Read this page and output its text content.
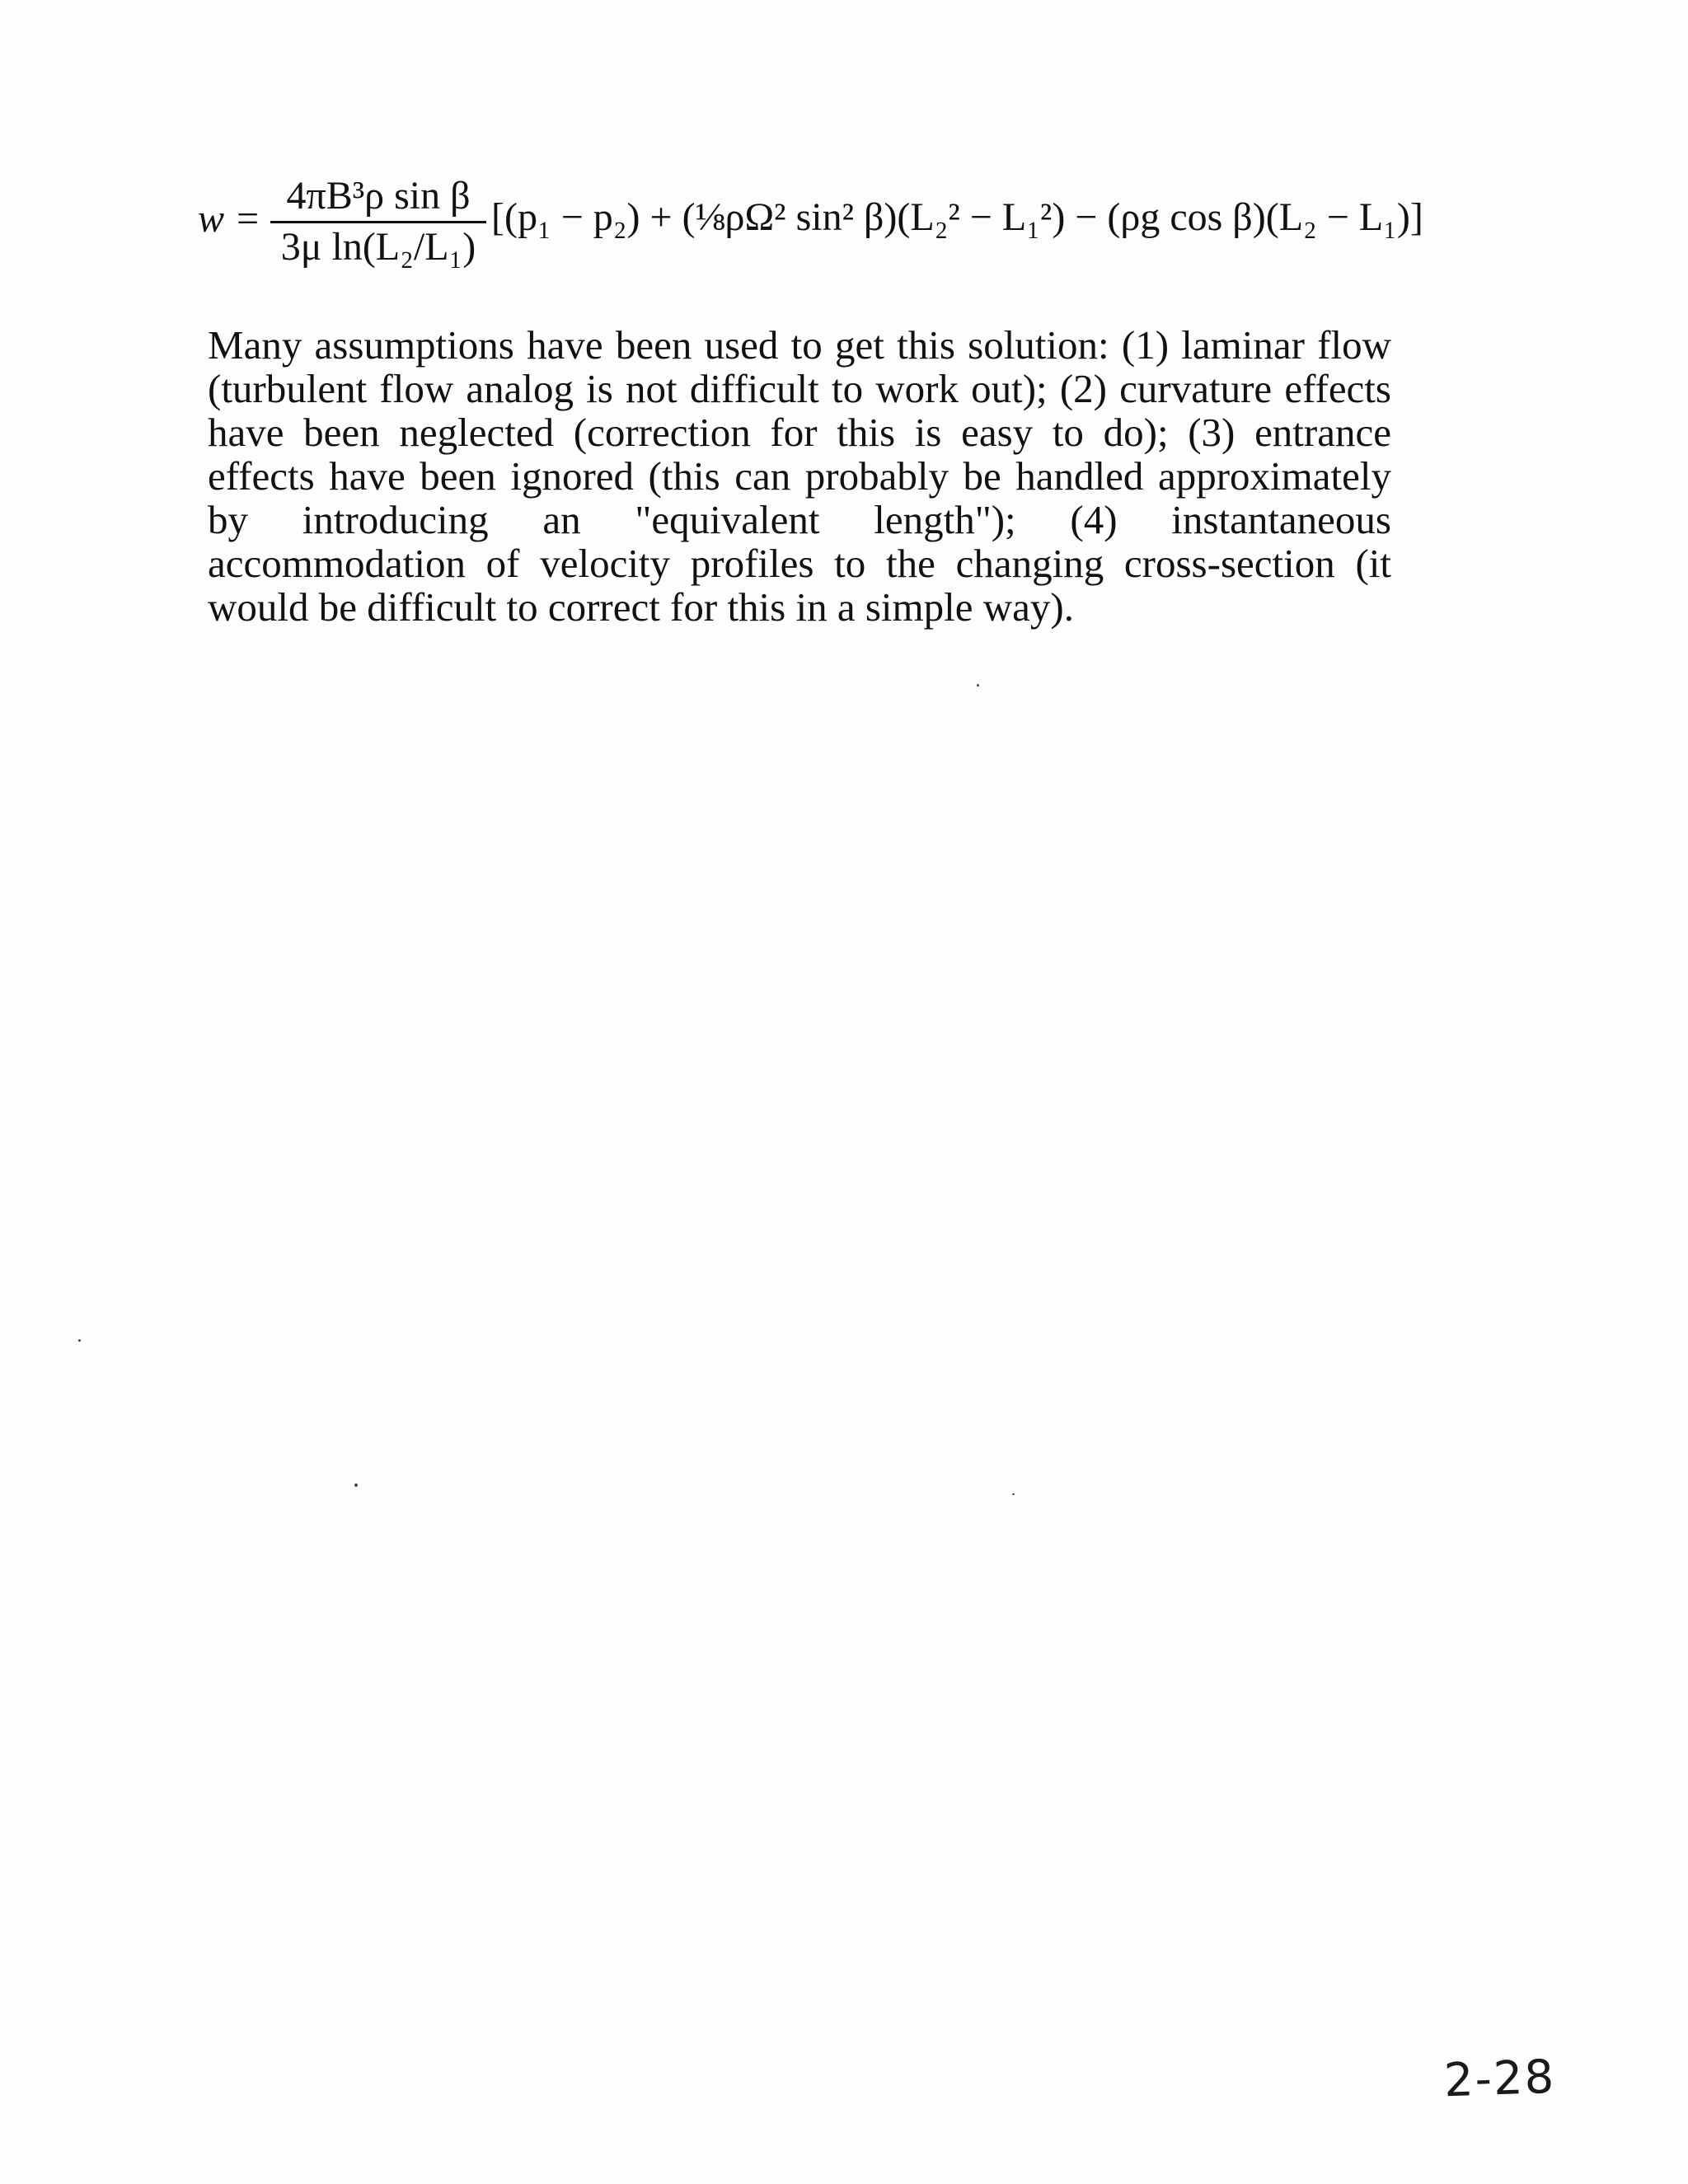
w =
4πB³ρ sin β
3μ ln(L₂/L₁)
[(p₁ − p₂) + (⅛ρΩ² sin² β)(L₂² − L₁²) − (ρg cos β)(L₂ − L₁)]

Many assumptions have been used to get this solution: (1) laminar flow (turbulent flow analog is not difficult to work out); (2) curvature effects have been neglected (correction for this is easy to do); (3) entrance effects have been ignored (this can probably be handled approximately by introducing an "equivalent length"); (4) instantaneous accommodation of velocity profiles to the changing cross-section (it would be difficult to correct for this in a simple way).

2-28
